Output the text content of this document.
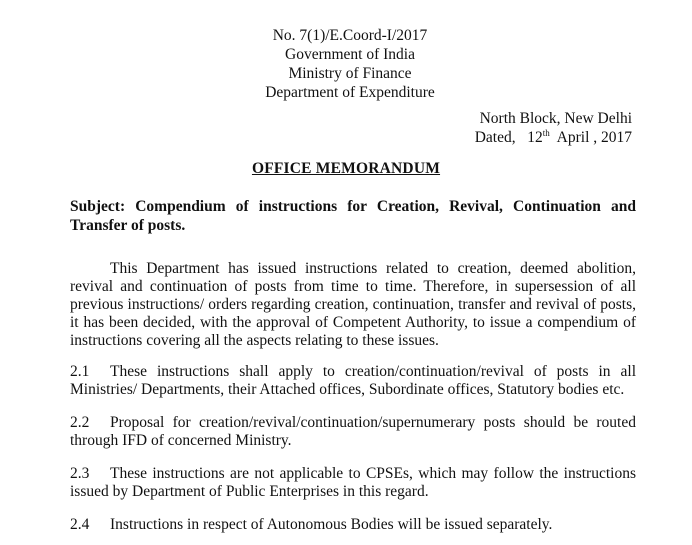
No. 7(1)/E.Coord-I/2017
Government of India
Ministry of Finance
Department of Expenditure
North Block, New Delhi
Dated, 12th April , 2017
OFFICE MEMORANDUM
Subject: Compendium of instructions for Creation, Revival, Continuation and Transfer of posts.
This Department has issued instructions related to creation, deemed abolition, revival and continuation of posts from time to time. Therefore, in supersession of all previous instructions/ orders regarding creation, continuation, transfer and revival of posts, it has been decided, with the approval of Competent Authority, to issue a compendium of instructions covering all the aspects relating to these issues.
2.1 These instructions shall apply to creation/continuation/revival of posts in all Ministries/ Departments, their Attached offices, Subordinate offices, Statutory bodies etc.
2.2 Proposal for creation/revival/continuation/supernumerary posts should be routed through IFD of concerned Ministry.
2.3 These instructions are not applicable to CPSEs, which may follow the instructions issued by Department of Public Enterprises in this regard.
2.4 Instructions in respect of Autonomous Bodies will be issued separately.
